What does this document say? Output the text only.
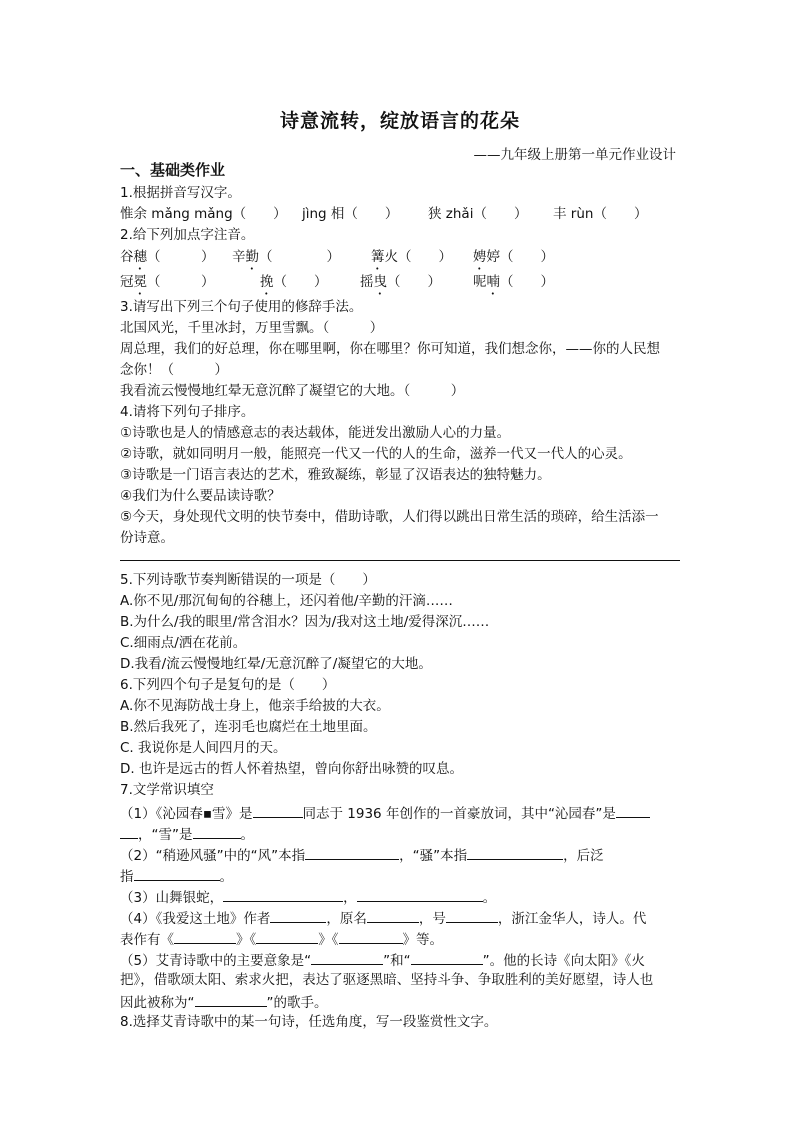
诗意流转，绽放语言的花朵
——九年级上册第一单元作业设计
一、基础类作业
1.根据拼音写汉字。
惟余 mǎng mǎng（　　） jìng 相（　　） 狭 zhǎi（　　） 丰 rùn（　　）
2.给下列加点字注音。
谷穗（　　　） 辛勤（　　　　） 篝火（　　） 娉婷（　　）
冠冕（　　　）	挽（　　） 摇曳（　　） 呢喃（　　）
3.请写出下列三个句子使用的修辞手法。
北国风光，千里冰封，万里雪飘。（　　　）
周总理，我们的好总理，你在哪里啊，你在哪里？你可知道，我们想念你，——你的人民想
念你！（　　　）
我看流云慢慢地红晕无意沉醉了凝望它的大地。（　　　）
4.请将下列句子排序。
①诗歌也是人的情感意志的表达载体，能迸发出激励人心的力量。
②诗歌，就如同明月一般，能照亮一代又一代的人的生命，滋养一代又一代人的心灵。
③诗歌是一门语言表达的艺术，雅致凝练，彰显了汉语表达的独特魅力。
④我们为什么要品读诗歌？
⑤今天，身处现代文明的快节奏中，借助诗歌，人们得以跳出日常生活的琐碎，给生活添一
份诗意。
5.下列诗歌节奏判断错误的一项是（　　）
A.你不见/那沉甸甸的谷穗上，还闪着他/辛勤的汗滴……
B.为什么/我的眼里/常含泪水？因为/我对这土地/爱得深沉……
C.细雨点/洒在花前。
D.我看/流云慢慢地红晕/无意沉醉了/凝望它的大地。
6.下列四个句子是复句的是（　　）
A.你不见海防战士身上，他亲手给披的大衣。
B.然后我死了，连羽毛也腐烂在土地里面。
C. 我说你是人间四月的天。
D. 也许是远古的哲人怀着热望，曾向你舒出咏赞的叹息。
7.文学常识填空
（1）《沁园春▪雪》是	同志于 1936 年创作的一首豪放词，其中“沁园春”是
，“雪”是	。
（2）“稍逊风骚”中的“风”本指	，“骚”本指	，后泛
指	。
（3）山舞银蛇，	，	。
（4）《我爱这土地》作者	，原名	，号	，浙江金华人，诗人。代
表作有《	》《	》《	》等。
（5）艾青诗歌中的主要意象是“	”和“	”。他的长诗《向太阳》《火
把》，借歌颂太阳、索求火把，表达了驱逐黑暗、坚持斗争、争取胜利的美好愿望，诗人也
因此被称为“	”的歌手。
8.选择艾青诗歌中的某一句诗，任选角度，写一段鉴赏性文字。
